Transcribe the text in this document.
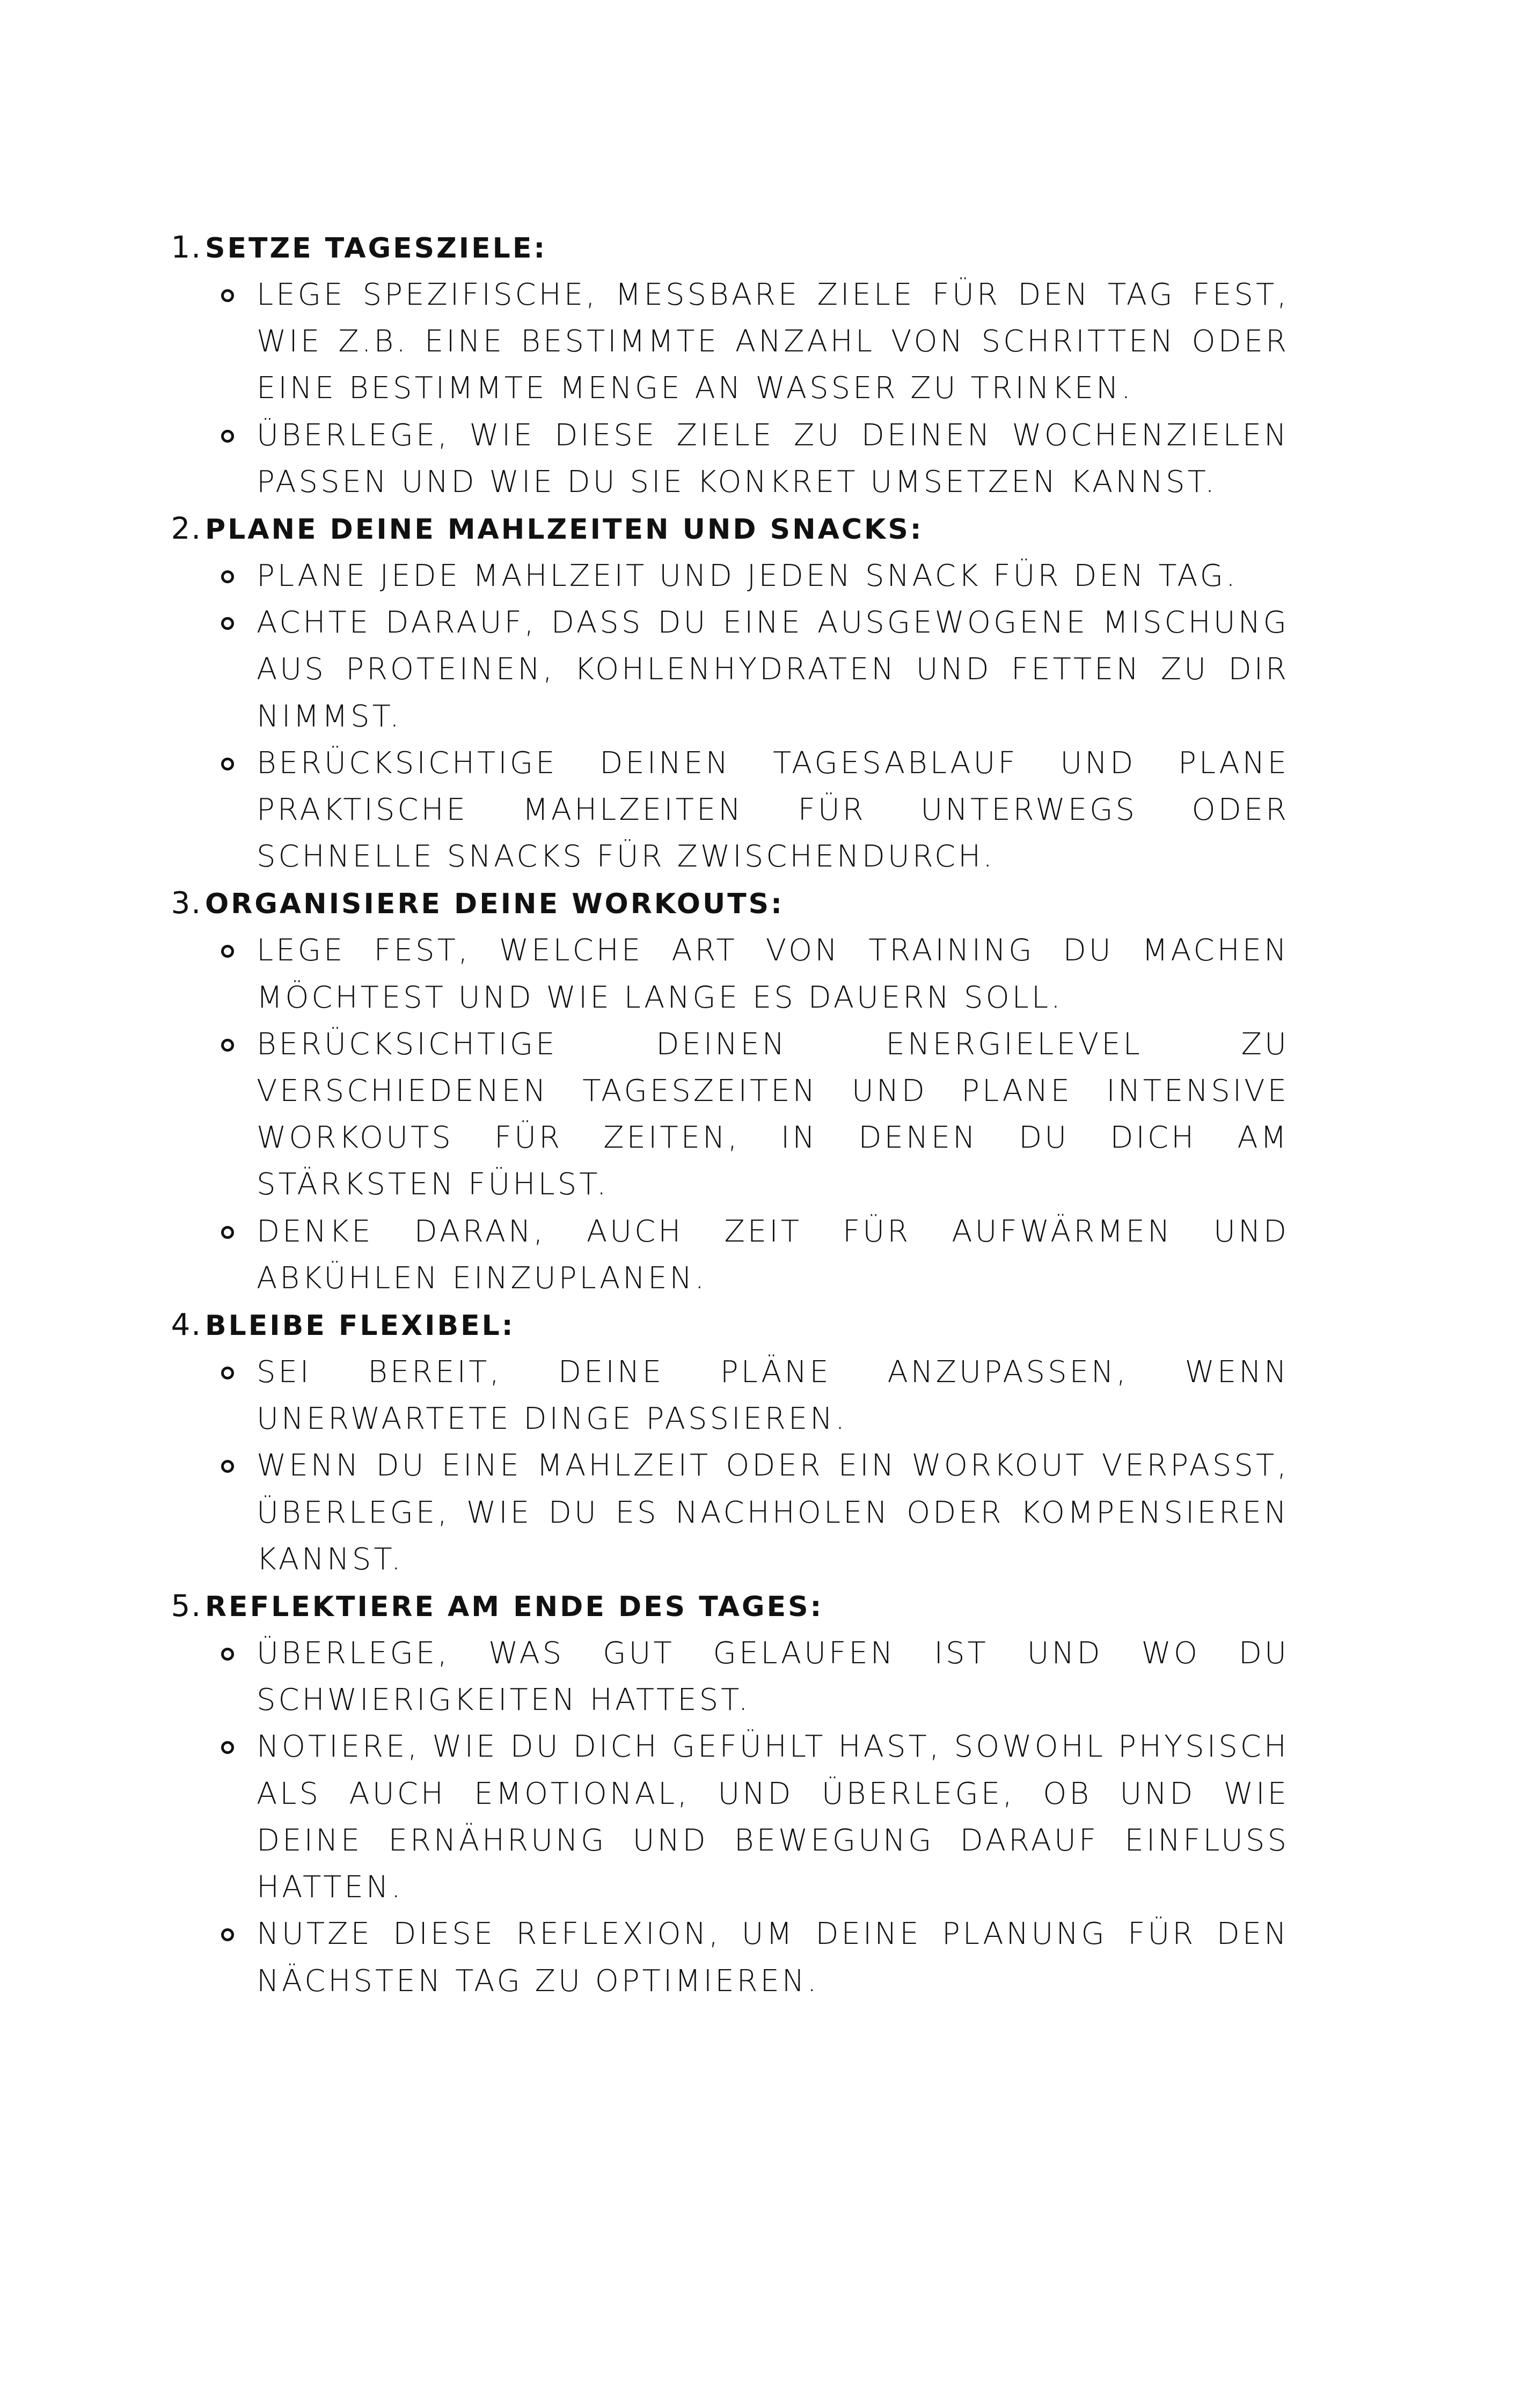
1. SETZE TAGESZIELE:
LEGE SPEZIFISCHE, MESSBARE ZIELE FÜR DEN TAG FEST, WIE Z.B. EINE BESTIMMTE ANZAHL VON SCHRITTEN ODER EINE BESTIMMTE MENGE AN WASSER ZU TRINKEN.
ÜBERLEGE, WIE DIESE ZIELE ZU DEINEN WOCHENZIELEN PASSEN UND WIE DU SIE KONKRET UMSETZEN KANNST.
2. PLANE DEINE MAHLZEITEN UND SNACKS:
PLANE JEDE MAHLZEIT UND JEDEN SNACK FÜR DEN TAG.
ACHTE DARAUF, DASS DU EINE AUSGEWOGENE MISCHUNG AUS PROTEINEN, KOHLENHYDRATEN UND FETTEN ZU DIR NIMMST.
BERÜCKSICHTIGE DEINEN TAGESABLAUF UND PLANE PRAKTISCHE MAHLZEITEN FÜR UNTERWEGS ODER SCHNELLE SNACKS FÜR ZWISCHENDURCH.
3. ORGANISIERE DEINE WORKOUTS:
LEGE FEST, WELCHE ART VON TRAINING DU MACHEN MÖCHTEST UND WIE LANGE ES DAUERN SOLL.
BERÜCKSICHTIGE DEINEN ENERGIELEVEL ZU VERSCHIEDENEN TAGESZEITEN UND PLANE INTENSIVE WORKOUTS FÜR ZEITEN, IN DENEN DU DICH AM STÄRKSTEN FÜHLST.
DENKE DARAN, AUCH ZEIT FÜR AUFWÄRMEN UND ABKÜHLEN EINZUPLANEN.
4. BLEIBE FLEXIBEL:
SEI BEREIT, DEINE PLÄNE ANZUPASSEN, WENN UNERWARTETE DINGE PASSIEREN.
WENN DU EINE MAHLZEIT ODER EIN WORKOUT VERPASST, ÜBERLEGE, WIE DU ES NACHHOLEN ODER KOMPENSIEREN KANNST.
5. REFLEKTIERE AM ENDE DES TAGES:
ÜBERLEGE, WAS GUT GELAUFEN IST UND WO DU SCHWIERIGKEITEN HATTEST.
NOTIERE, WIE DU DICH GEFÜHLT HAST, SOWOHL PHYSISCH ALS AUCH EMOTIONAL, UND ÜBERLEGE, OB UND WIE DEINE ERNÄHRUNG UND BEWEGUNG DARAUF EINFLUSS HATTEN.
NUTZE DIESE REFLEXION, UM DEINE PLANUNG FÜR DEN NÄCHSTEN TAG ZU OPTIMIEREN.
